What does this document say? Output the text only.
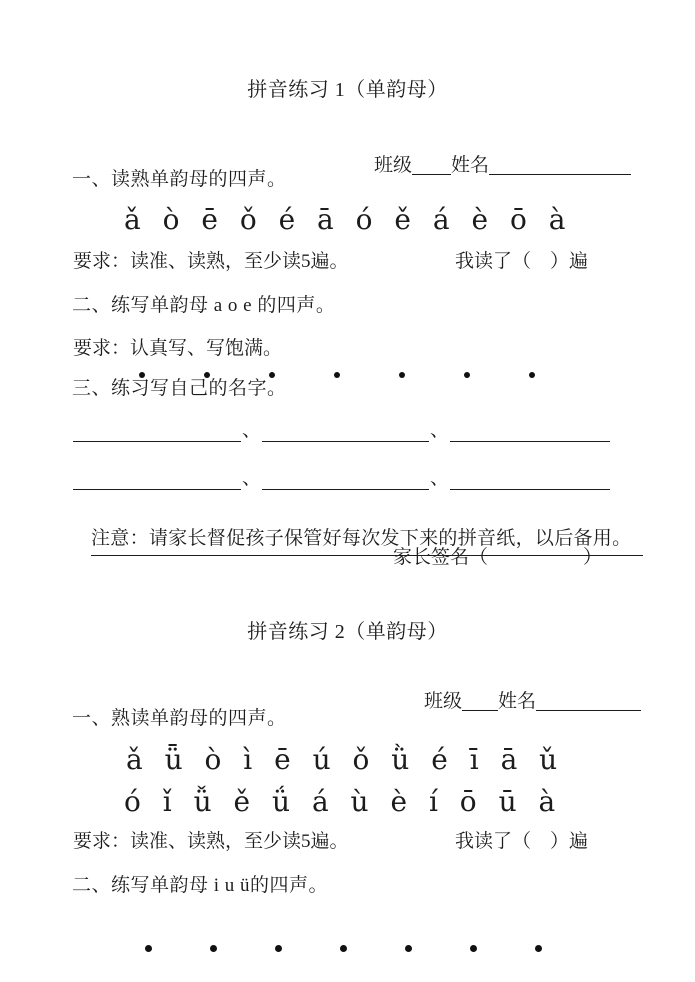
拼音练习 1（单韵母）

班级 姓名

一、读熟单韵母的四声。
ǎ ò ē ǒ é ā ó ě á è ō à
要求：读准、读熟，至少读5遍。	我读了（　）遍
二、练写单韵母 a o e 的四声。
要求：认真写、写饱满。
三、练习写自己的名字。
、	、
、	、

注意：请家长督促孩子保管好每次发下来的拼音纸，以后备用。

家长签名（　　　　　）
拼音练习 2（单韵母）

班级 姓名

一、熟读单韵母的四声。
ǎ ǖ ò ì ē ú ǒ ǜ é ī ā ǔ
ó ǐ ǚ ě ǘ á ù è í ō ū à
要求：读准、读熟，至少读5遍。	我读了（　）遍
二、练写单韵母 i u ü的四声。
